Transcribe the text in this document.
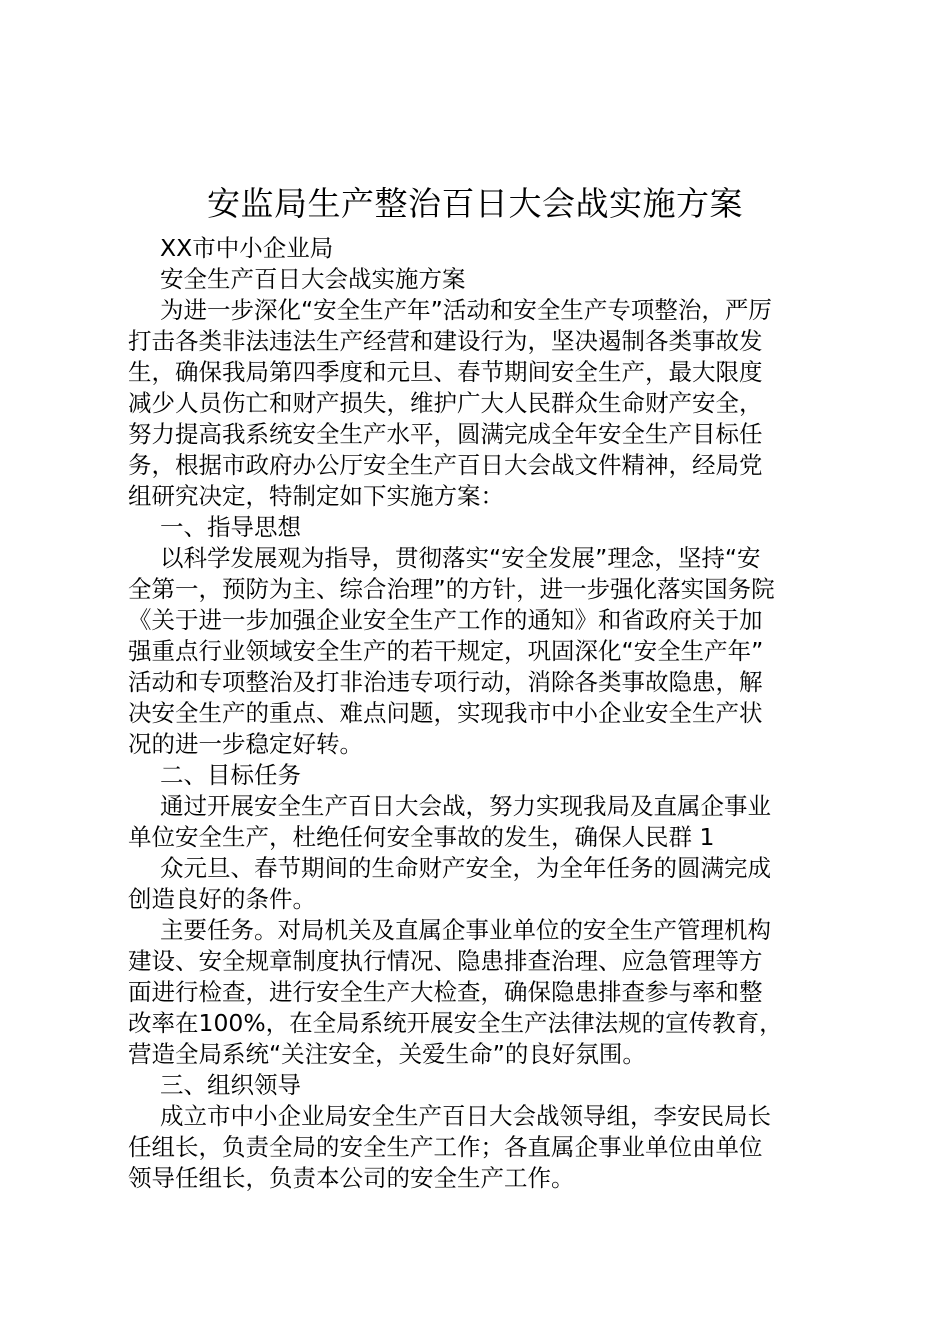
安监局生产整治百日大会战实施方案

XX市中小企业局

安全生产百日大会战实施方案

为进一步深化“安全生产年”活动和安全生产专项整治，严厉

打击各类非法违法生产经营和建设行为，坚决遏制各类事故发

生，确保我局第四季度和元旦、春节期间安全生产，最大限度

减少人员伤亡和财产损失，维护广大人民群众生命财产安全，

努力提高我系统安全生产水平，圆满完成全年安全生产目标任

务，根据市政府办公厅安全生产百日大会战文件精神，经局党

组研究决定，特制定如下实施方案：

一、指导思想

以科学发展观为指导，贯彻落实“安全发展”理念，坚持“安

全第一，预防为主、综合治理”的方针，进一步强化落实国务院

《关于进一步加强企业安全生产工作的通知》和省政府关于加

强重点行业领域安全生产的若干规定，巩固深化“安全生产年”

活动和专项整治及打非治违专项行动，消除各类事故隐患，解

决安全生产的重点、难点问题，实现我市中小企业安全生产状

况的进一步稳定好转。

二、目标任务

通过开展安全生产百日大会战，努力实现我局及直属企事业

单位安全生产，杜绝任何安全事故的发生，确保人民群 1

众元旦、春节期间的生命财产安全，为全年任务的圆满完成

创造良好的条件。

主要任务。对局机关及直属企事业单位的安全生产管理机构

建设、安全规章制度执行情况、隐患排查治理、应急管理等方

面进行检查，进行安全生产大检查，确保隐患排查参与率和整

改率在100%，在全局系统开展安全生产法律法规的宣传教育，

营造全局系统“关注安全，关爱生命”的良好氛围。

三、组织领导

成立市中小企业局安全生产百日大会战领导组，李安民局长

任组长，负责全局的安全生产工作；各直属企事业单位由单位

领导任组长，负责本公司的安全生产工作。
